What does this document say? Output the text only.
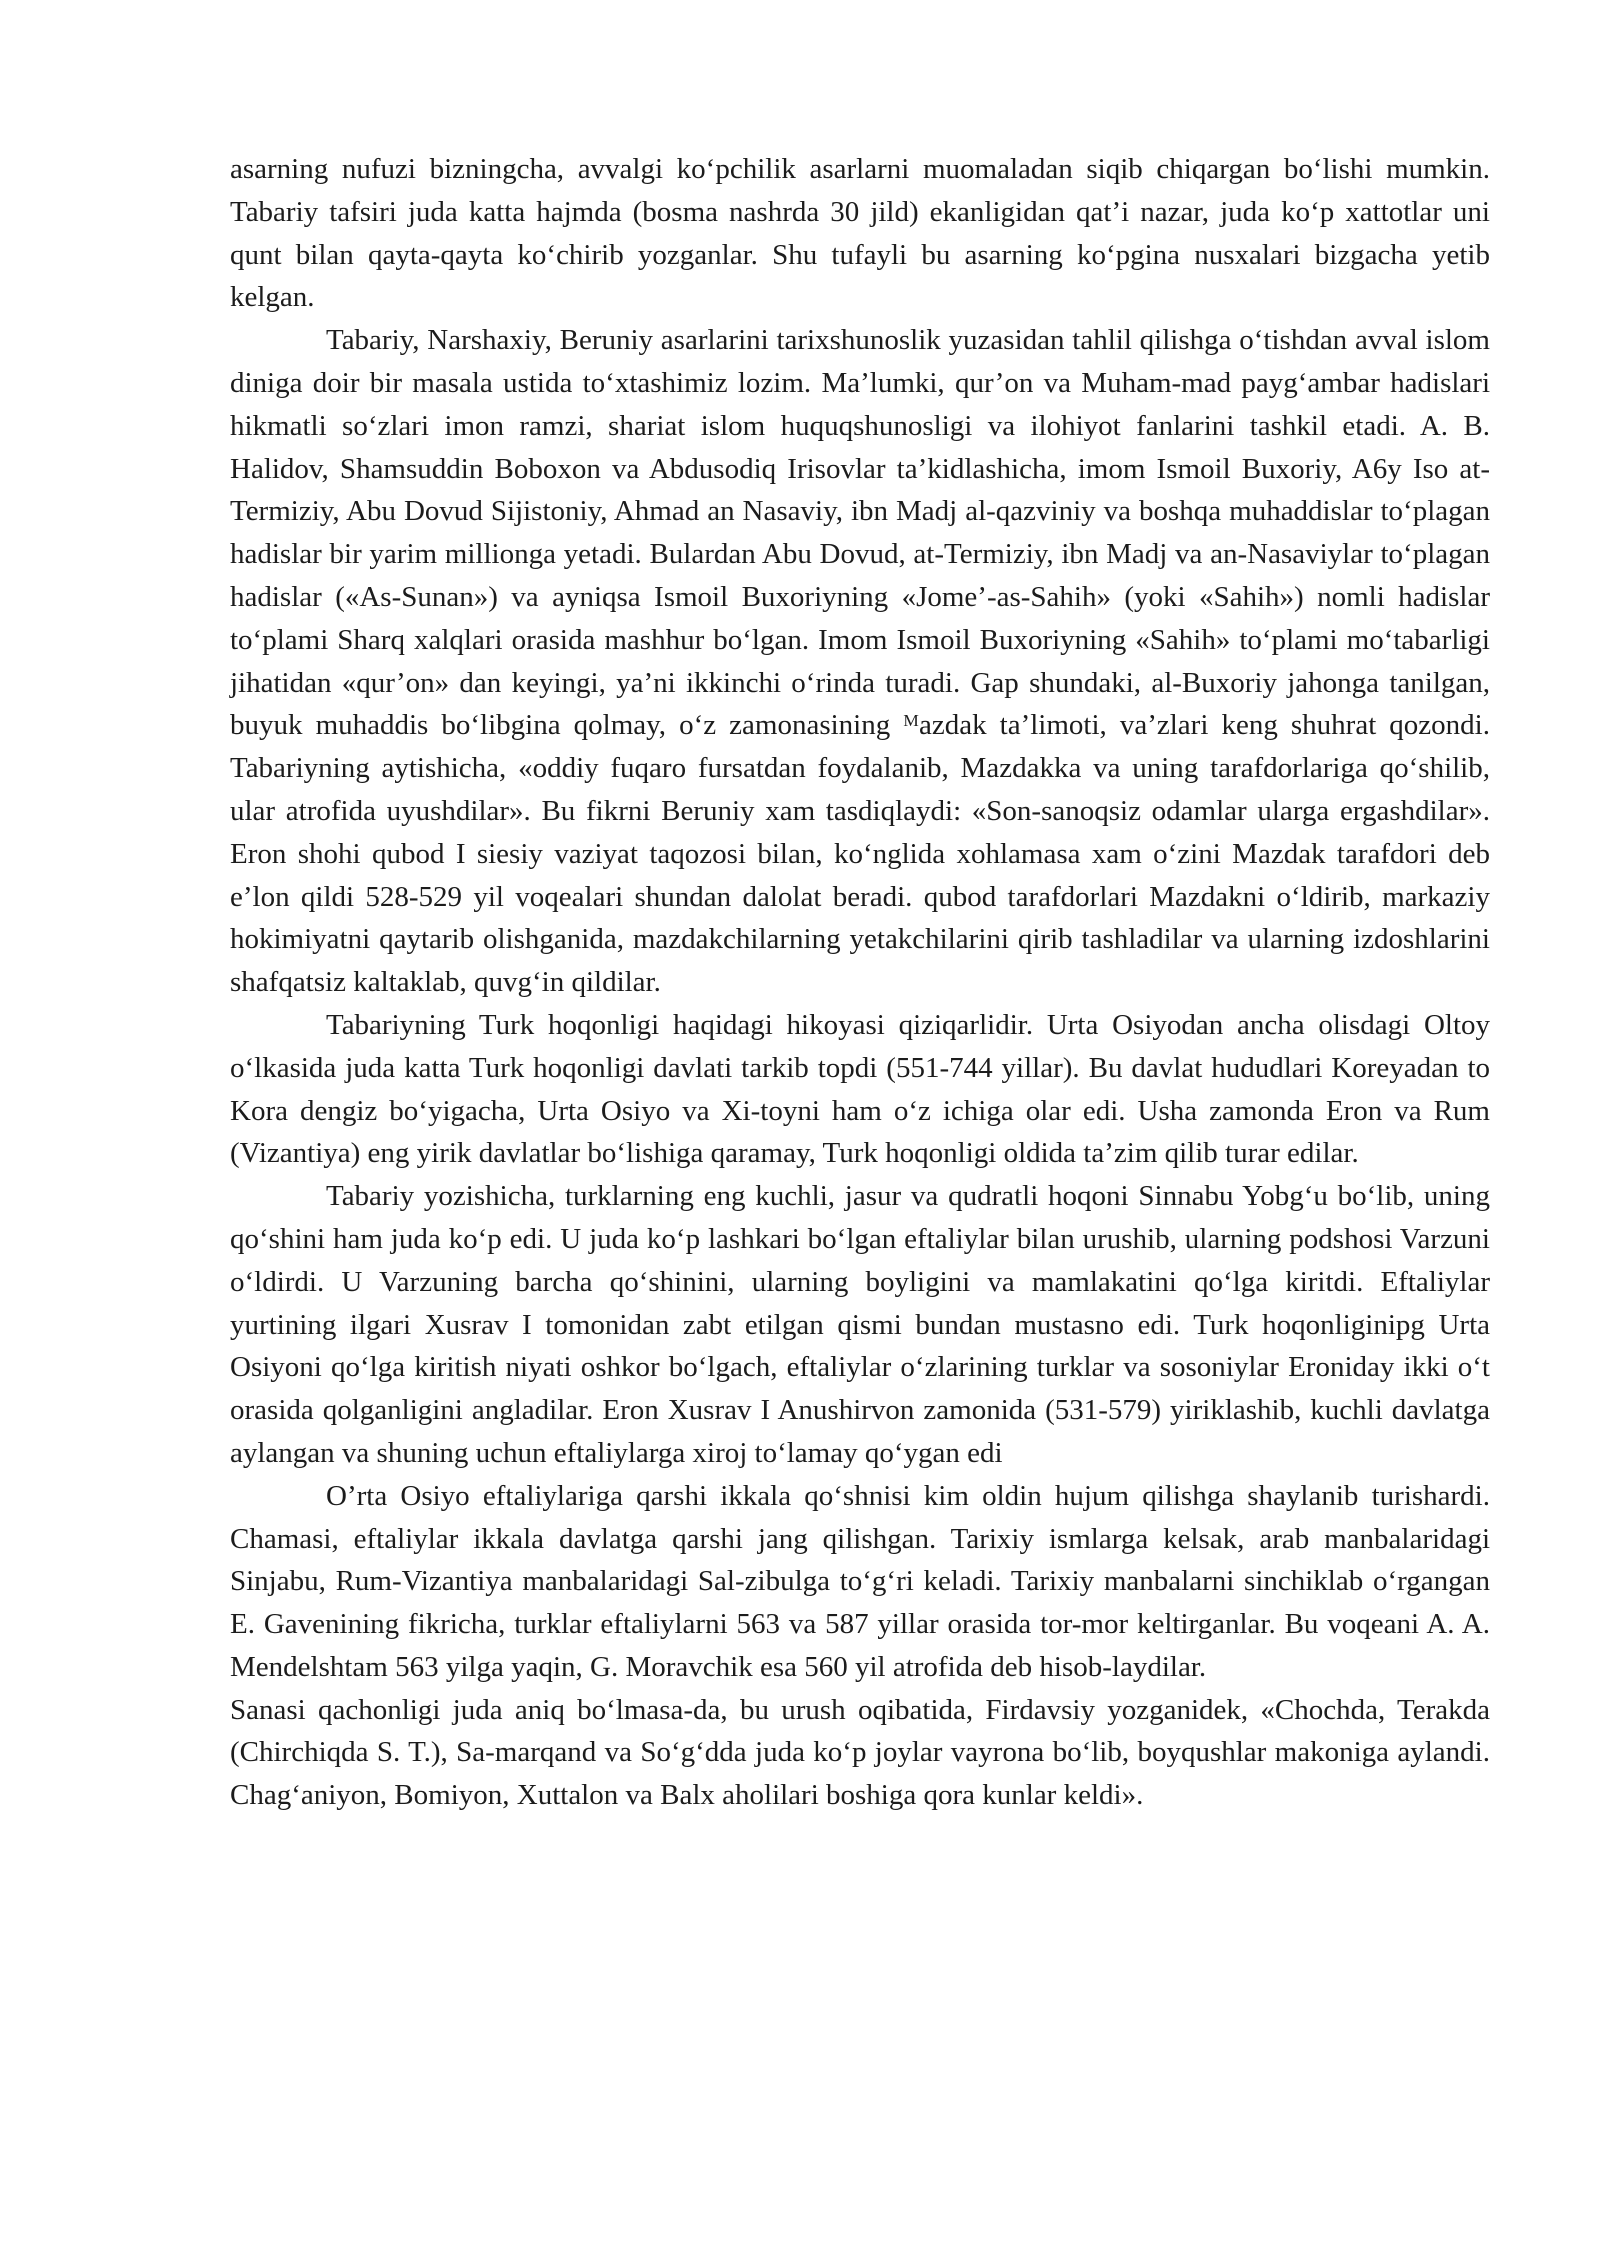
asarning nufuzi bizningcha, avvalgi ko‘pchilik asarlarni muomaladan siqib chiqargan bo‘lishi mumkin. Tabariy tafsiri juda katta hajmda (bosma nashrda 30 jild) ekanligidan qat’i nazar, juda ko‘p xattotlar uni qunt bilan qayta-qayta ko‘chirib yozganlar. Shu tufayli bu asarning ko‘pgina nusxalari bizgacha yetib kelgan.

Tabariy, Narshaxiy, Beruniy asarlarini tarixshunoslik yuzasidan tahlil qilishga o‘tishdan avval islom diniga doir bir masala ustida to‘xtashimiz lozim. Ma’lumki, qur’on va Muham-mad payg‘ambar hadislari hikmatli so‘zlari imon ramzi, shariat islom huquqshunosligi va ilohiyot fanlarini tashkil etadi. A. B. Halidov, Shamsuddin Boboxon va Abdusodiq Irisovlar ta’kidlashicha, imom Ismoil Buxoriy, A6y Iso at-Termiziy, Abu Dovud Sijistoniy, Ahmad an Nasaviy, ibn Madj al-qazviniy va boshqa muhaddislar to‘plagan hadislar bir yarim millionga yetadi. Bulardan Abu Dovud, at-Termiziy, ibn Madj va an-Nasaviylar to‘plagan hadislar («As-Sunan») va ayniqsa Ismoil Buxoriyning «Jome’-as-Sahih» (yoki «Sahih») nomli hadislar to‘plami Sharq xalqlari orasida mashhur bo‘lgan. Imom Ismoil Buxoriyning «Sahih» to‘plami mo‘tabarligi jihatidan «qur’on» dan keyingi, ya’ni ikkinchi o‘rinda turadi. Gap shundaki, al-Buxoriy jahonga tanilgan, buyuk muhaddis bo‘libgina qolmay, o‘z zamonasining ᴹazdak ta’limoti, va’zlari keng shuhrat qozondi. Tabariyning aytishicha, «oddiy fuqaro fursatdan foydalanib, Mazdakka va uning tarafdorlariga qo‘shilib, ular atrofida uyushdilar». Bu fikrni Beruniy xam tasdiqlaydi: «Son-sanoqsiz odamlar ularga ergashdilar». Eron shohi qubod I siesiy vaziyat taqozosi bilan, ko‘nglida xohlamasa xam o‘zini Mazdak tarafdori deb e’lon qildi 528-529 yil voqealari shundan dalolat beradi. qubod tarafdorlari Mazdakni o‘ldirib, markaziy hokimiyatni qaytarib olishganida, mazdakchilarning yetakchilarini qirib tashladilar va ularning izdoshlarini shafqatsiz kaltaklab, quvg‘in qildilar.

Tabariyning Turk hoqonligi haqidagi hikoyasi qiziqarlidir. Urta Osiyodan ancha olisdagi Oltoy o‘lkasida juda katta Turk hoqonligi davlati tarkib topdi (551-744 yillar). Bu davlat hududlari Koreyadan to Kora dengiz bo‘yigacha, Urta Osiyo va Xi-toyni ham o‘z ichiga olar edi. Usha zamonda Eron va Rum (Vizantiya) eng yirik davlatlar bo‘lishiga qaramay, Turk hoqonligi oldida ta’zim qilib turar edilar.

Tabariy yozishicha, turklarning eng kuchli, jasur va qudratli hoqoni Sinnabu Yobg‘u bo‘lib, uning qo‘shini ham juda ko‘p edi. U juda ko‘p lashkari bo‘lgan eftaliylar bilan urushib, ularning podshosi Varzuni o‘ldirdi. U Varzuning barcha qo‘shinini, ularning boyligini va mamlakatini qo‘lga kiritdi. Eftaliylar yurtining ilgari Xusrav I tomonidan zabt etilgan qismi bundan mustasno edi. Turk hoqonliginipg Urta Osiyoni qo‘lga kiritish niyati oshkor bo‘lgach, eftaliylar o‘zlarining turklar va sosoniylar Eroniday ikki o‘t orasida qolganligini angladilar. Eron Xusrav I Anushirvon zamonida (531-579) yiriklashib, kuchli davlatga aylangan va shuning uchun eftaliylarga xiroj to‘lamay qo‘ygan edi

O’rta Osiyo eftaliylariga qarshi ikkala qo‘shnisi kim oldin hujum qilishga shaylanib turishardi. Chamasi, eftaliylar ikkala davlatga qarshi jang qilishgan. Tarixiy ismlarga kelsak, arab manbalaridagi Sinjabu, Rum-Vizantiya manbalaridagi Sal-zibulga to‘g‘ri keladi. Tarixiy manbalarni sinchiklab o‘rgangan E. Gavenining fikricha, turklar eftaliylarni 563 va 587 yillar orasida tor-mor keltirganlar. Bu voqeani A. A. Mendelshtam 563 yilga yaqin, G. Moravchik esa 560 yil atrofida deb hisob-laydilar.

Sanasi qachonligi juda aniq bo‘lmasa-da, bu urush oqibatida, Firdavsiy yozganidek, «Chochda, Terakda (Chirchiqda S. T.), Sa-marqand va So‘g‘dda juda ko‘p joylar vayrona bo‘lib, boyqushlar makoniga aylandi. Chag‘aniyon, Bomiyon, Xuttalon va Balx aholilari boshiga qora kunlar keldi».
